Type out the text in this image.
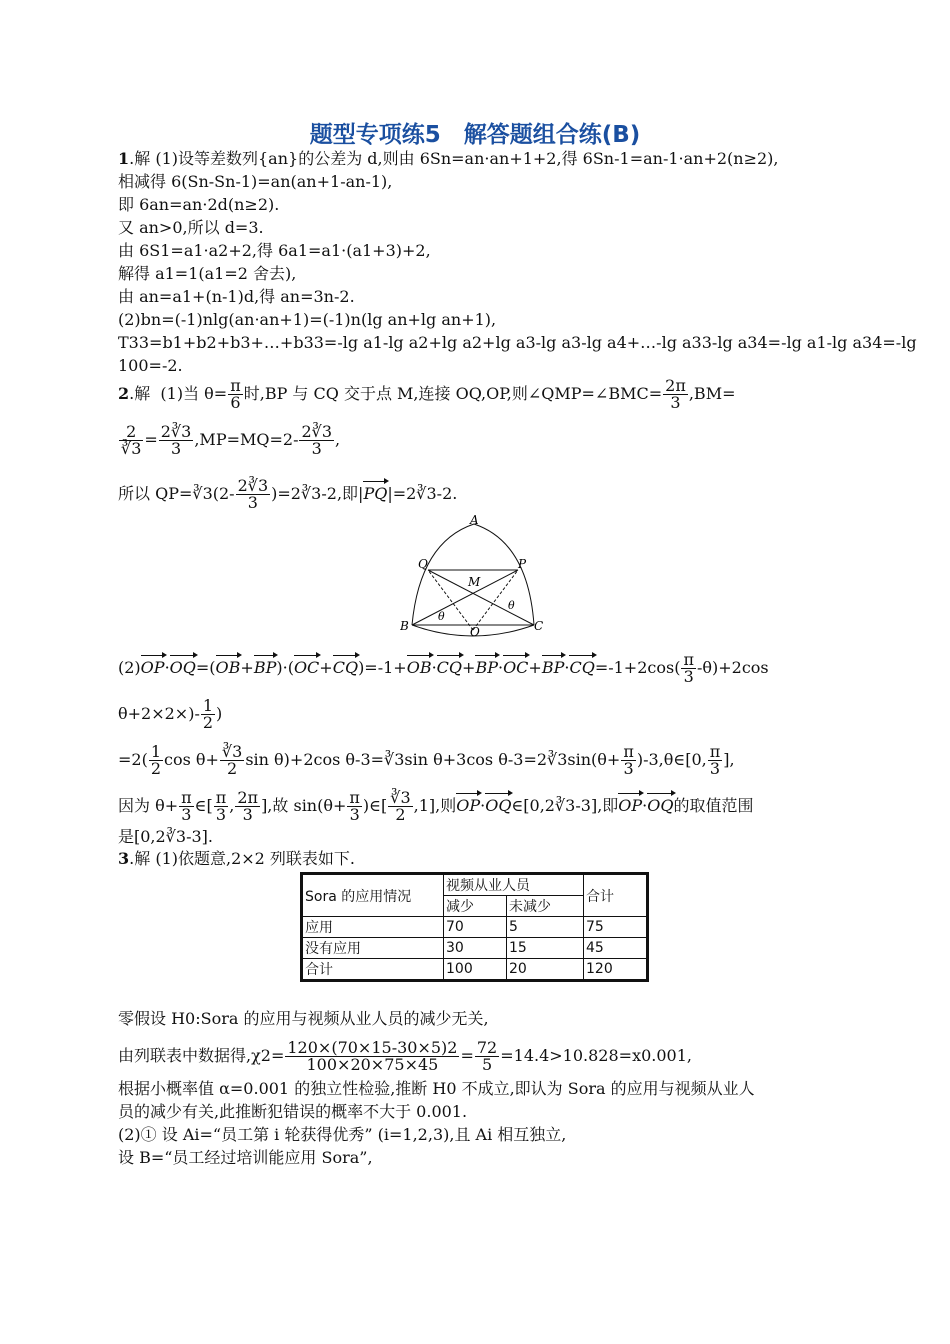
题型专项练5　解答题组合练(B)
1.解 (1)设等差数列{an}的公差为 d,则由 6Sn=an·an+1+2,得 6Sn-1=an-1·an+2(n≥2),
相减得 6(Sn-Sn-1)=an(an+1-an-1),
即 6an=an·2d(n≥2).
又 an>0,所以 d=3.
由 6S1=a1·a2+2,得 6a1=a1·(a1+3)+2,
解得 a1=1(a1=2 舍去),
由 an=a1+(n-1)d,得 an=3n-2.
(2)bn=(-1)nlg(an·an+1)=(-1)n(lg an+lg an+1),
T33=b1+b2+b3+…+b33=-lg a1-lg a2+lg a2+lg a3-lg a3-lg a4+…-lg a33-lg a34=-lg a1-lg a34=-lg
100=-2.
2.解 (1)当 $\theta= \frac{\pi}{6}$ 时,BP 与 CQ 交于点 M,连接 OQ,OP,则∠QMP=∠BMC= $\frac{2\pi}{3} ,BM=$
$\frac{2}{∛3} = \frac{2∛3}{3} ,MP=MQ=2- \frac{2∛3}{3}$ ,
所以 QP=∛3(2- $\frac{2∛3}{3}$ )=2∛3-2,即|PQ|=2∛3-2.
A
Q	P
M
B	C
O
θ
θ
$(2)OP\cdot OQ=(OB+BP)\cdot(OC+CQ)=-1+OB\cdot CQ+BP\cdot OC+BP\cdot CQ=-1+2\cos( \frac{\pi}{3} -\theta)+2\cos$
$\theta+2\times 2\times)- \frac{1}{2}$ )
$=2( \frac{1}{2}$ $\cos \theta+ \frac{∛3}{2}$ sin θ)+2cos θ-3=∛3sin θ+3cos θ-3=2∛3sin(θ+ $\frac{\pi}{3}$ )-3,θ∈[0, $\frac{\pi}{3}$ ],
因为 $\theta+ \frac{\pi}{3}$ ∈[ $\frac{\pi}{3}$ , $\frac{2\pi}{3}$ ],故 $\sin(\theta+ \frac{\pi}{3}$ )∈[ $\frac{∛3}{2} ,1$],则OP·OQ∈[0,2∛3-3],即OP·OQ的取值范围
是[0,2∛3-3].
3.解 (1)依题意,2×2 列联表如下.
Sora 的应用情况	视频从业人员		合计
	减少	未减少	
应用	70	5	75
没有应用	30	15	45
合计	100	20	120
零假设 H0:Sora 的应用与视频从业人员的减少无关,
由列联表中数据得$,\chi 2= \frac{120\times(70\times 15-30\times 5)2}{100\times 20\times 75\times 45} = \frac{72}{5} =14.4>10.828=x0.001$,
根据小概率值 α=0.001 的独立性检验,推断 H0 不成立,即认为 Sora 的应用与视频从业人
员的减少有关,此推断犯错误的概率不大于 0.001.
(2)① 设 Ai=“员工第 i 轮获得优秀” (i=1,2,3),且 Ai 相互独立,
设 B=“员工经过培训能应用 Sora”,
